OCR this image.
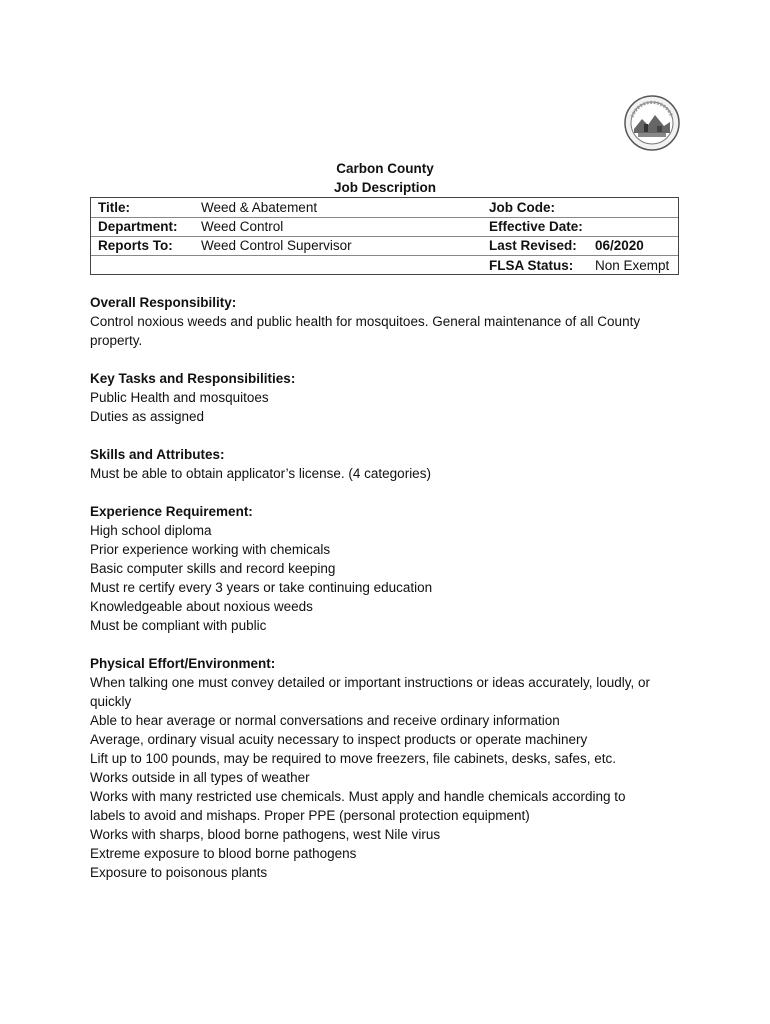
Carbon County
Job Description
Title:	Weed & Abatement	Job Code:
Department: Weed Control	Effective Date:
Reports To: Weed Control Supervisor	Last Revised: 06/2020
FLSA Status: Non Exempt
Overall Responsibility:
Control noxious weeds and public health for mosquitoes. General maintenance of all County
property.
Key Tasks and Responsibilities:
Public Health and mosquitoes
Duties as assigned
Skills and Attributes:
Must be able to obtain applicator’s license. (4 categories)
Experience Requirement:
High school diploma
Prior experience working with chemicals
Basic computer skills and record keeping
Must re certify every 3 years or take continuing education
Knowledgeable about noxious weeds
Must be compliant with public
Physical Effort/Environment:
When talking one must convey detailed or important instructions or ideas accurately, loudly, or
quickly
Able to hear average or normal conversations and receive ordinary information
Average, ordinary visual acuity necessary to inspect products or operate machinery
Lift up to 100 pounds, may be required to move freezers, file cabinets, desks, safes, etc.
Works outside in all types of weather
Works with many restricted use chemicals. Must apply and handle chemicals according to
labels to avoid and mishaps. Proper PPE (personal protection equipment)
Works with sharps, blood borne pathogens, west Nile virus
Extreme exposure to blood borne pathogens
Exposure to poisonous plants
